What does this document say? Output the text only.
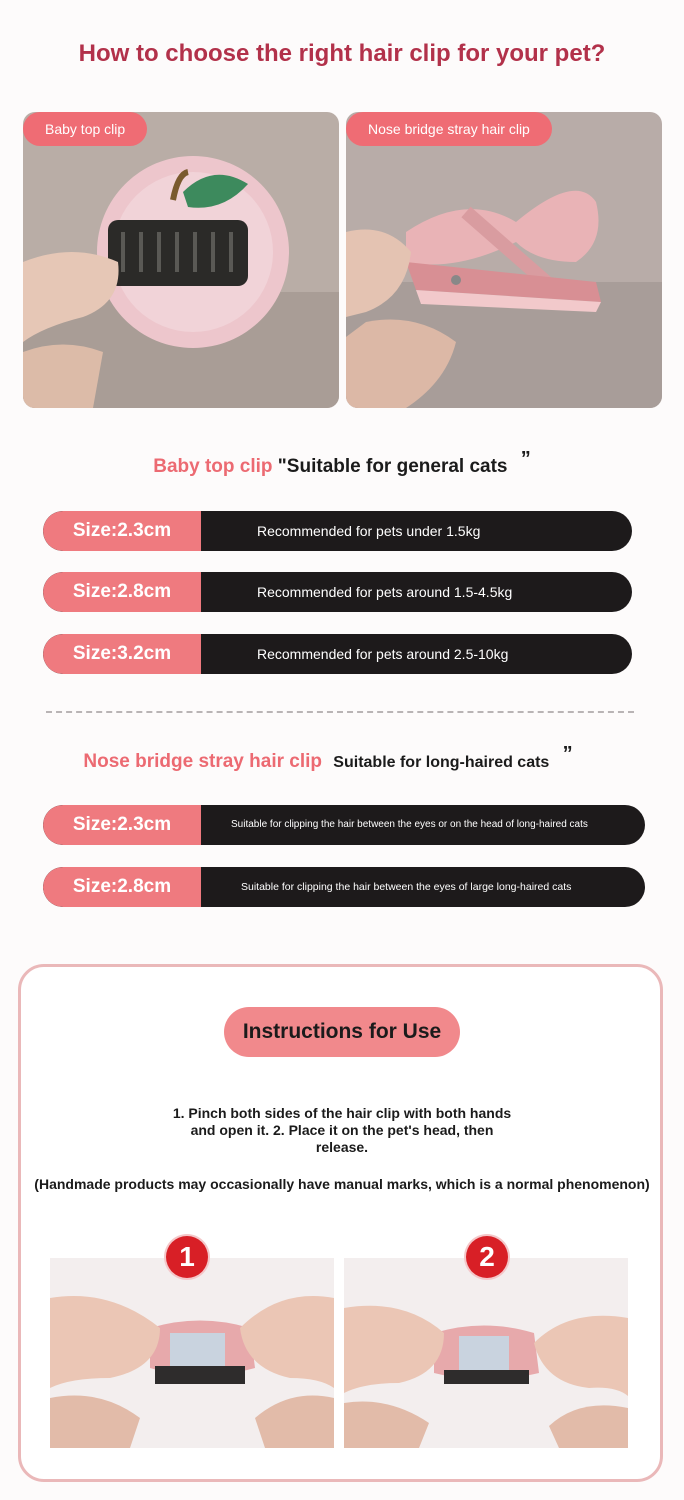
How to choose the right hair clip for your pet?
Baby top clip	Nose bridge stray hair clip
Baby top clip "Suitable for general cats ”
Size:2.3cm	Recommended for pets under 1.5kg
Size:2.8cm	Recommended for pets around 1.5-4.5kg
Size:3.2cm	Recommended for pets around 2.5-10kg
Nose bridge stray hair clip Suitable for long-haired cats ”
Size:2.3cm	Suitable for clipping the hair between the eyes or on the head of long-haired cats
Size:2.8cm	Suitable for clipping the hair between the eyes of large long-haired cats
Instructions for Use
1. Pinch both sides of the hair clip with both hands and open it. 2. Place it on the pet's head, then release.
(Handmade products may occasionally have manual marks, which is a normal phenomenon)
1	2
